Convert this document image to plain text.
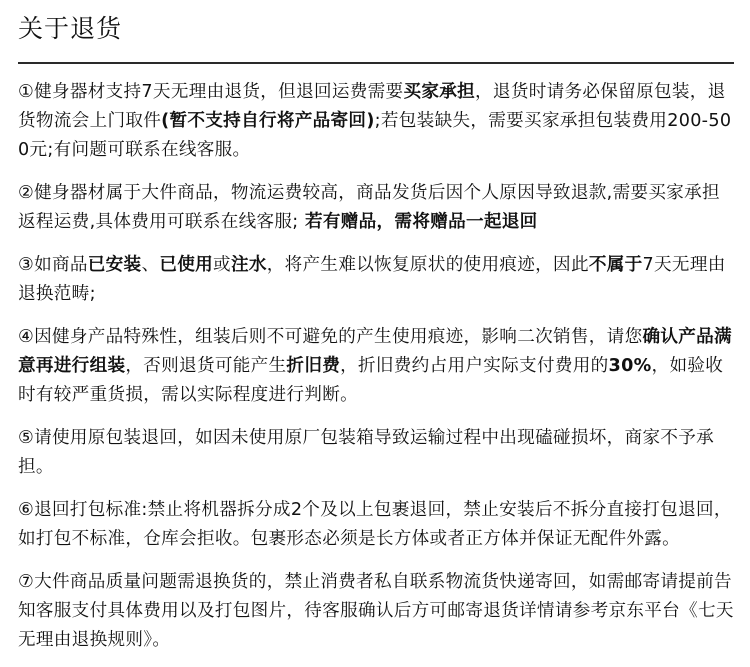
关于退货

①健身器材支持7天无理由退货，但退回运费需要买家承担，退货时请务必保留原包装，退货物流会上门取件(暂不支持自行将产品寄回);若包装缺失，需要买家承担包装费用200-500元;有问题可联系在线客服。

②健身器材属于大件商品，物流运费较高，商品发货后因个人原因导致退款,需要买家承担返程运费,具体费用可联系在线客服; 若有赠品，需将赠品一起退回

③如商品已安装、已使用或注水，将产生难以恢复原状的使用痕迹，因此不属于7天无理由退换范畴;

④因健身产品特殊性，组装后则不可避免的产生使用痕迹，影响二次销售，请您确认产品满意再进行组装，否则退货可能产生折旧费，折旧费约占用户实际支付费用的30%，如验收时有较严重货损，需以实际程度进行判断。

⑤请使用原包装退回，如因未使用原厂包装箱导致运输过程中出现磕碰损坏，商家不予承担。

⑥退回打包标准:禁止将机器拆分成2个及以上包裹退回，禁止安装后不拆分直接打包退回，如打包不标准，仓库会拒收。包裹形态必须是长方体或者正方体并保证无配件外露。

⑦大件商品质量问题需退换货的，禁止消费者私自联系物流货快递寄回，如需邮寄请提前告知客服支付具体费用以及打包图片，待客服确认后方可邮寄退货详情请参考京东平台《七天无理由退换规则》。
